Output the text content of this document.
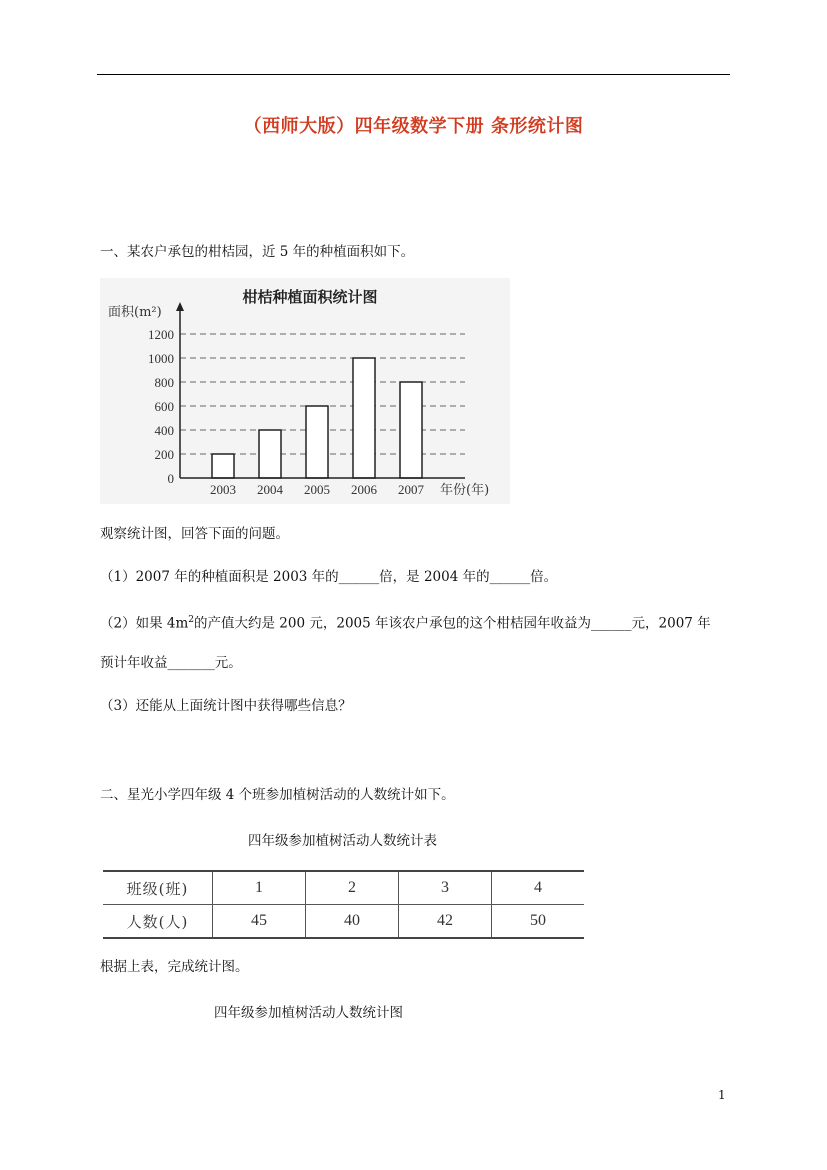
（西师大版）四年级数学下册 条形统计图
一、某农户承包的柑桔园，近 5 年的种植面积如下。
柑桔种植面积统计图
面积(m²)
年份(年)
0
200
400
600
800
1000
1200
2003 2004 2005 2006 2007
观察统计图，回答下面的问题。
（1）2007 年的种植面积是 2003 年的______倍，是 2004 年的______倍。
（2）如果 $4m^2$的产值大约是 200 元，2005 年该农户承包的这个柑桔园年收益为______元，2007 年
预计年收益_______元。
（3）还能从上面统计图中获得哪些信息？
二、星光小学四年级 4 个班参加植树活动的人数统计如下。
四年级参加植树活动人数统计表
班级(班)	1	2	3	4
人数(人)	45	40	42	50
根据上表，完成统计图。
四年级参加植树活动人数统计图
1
